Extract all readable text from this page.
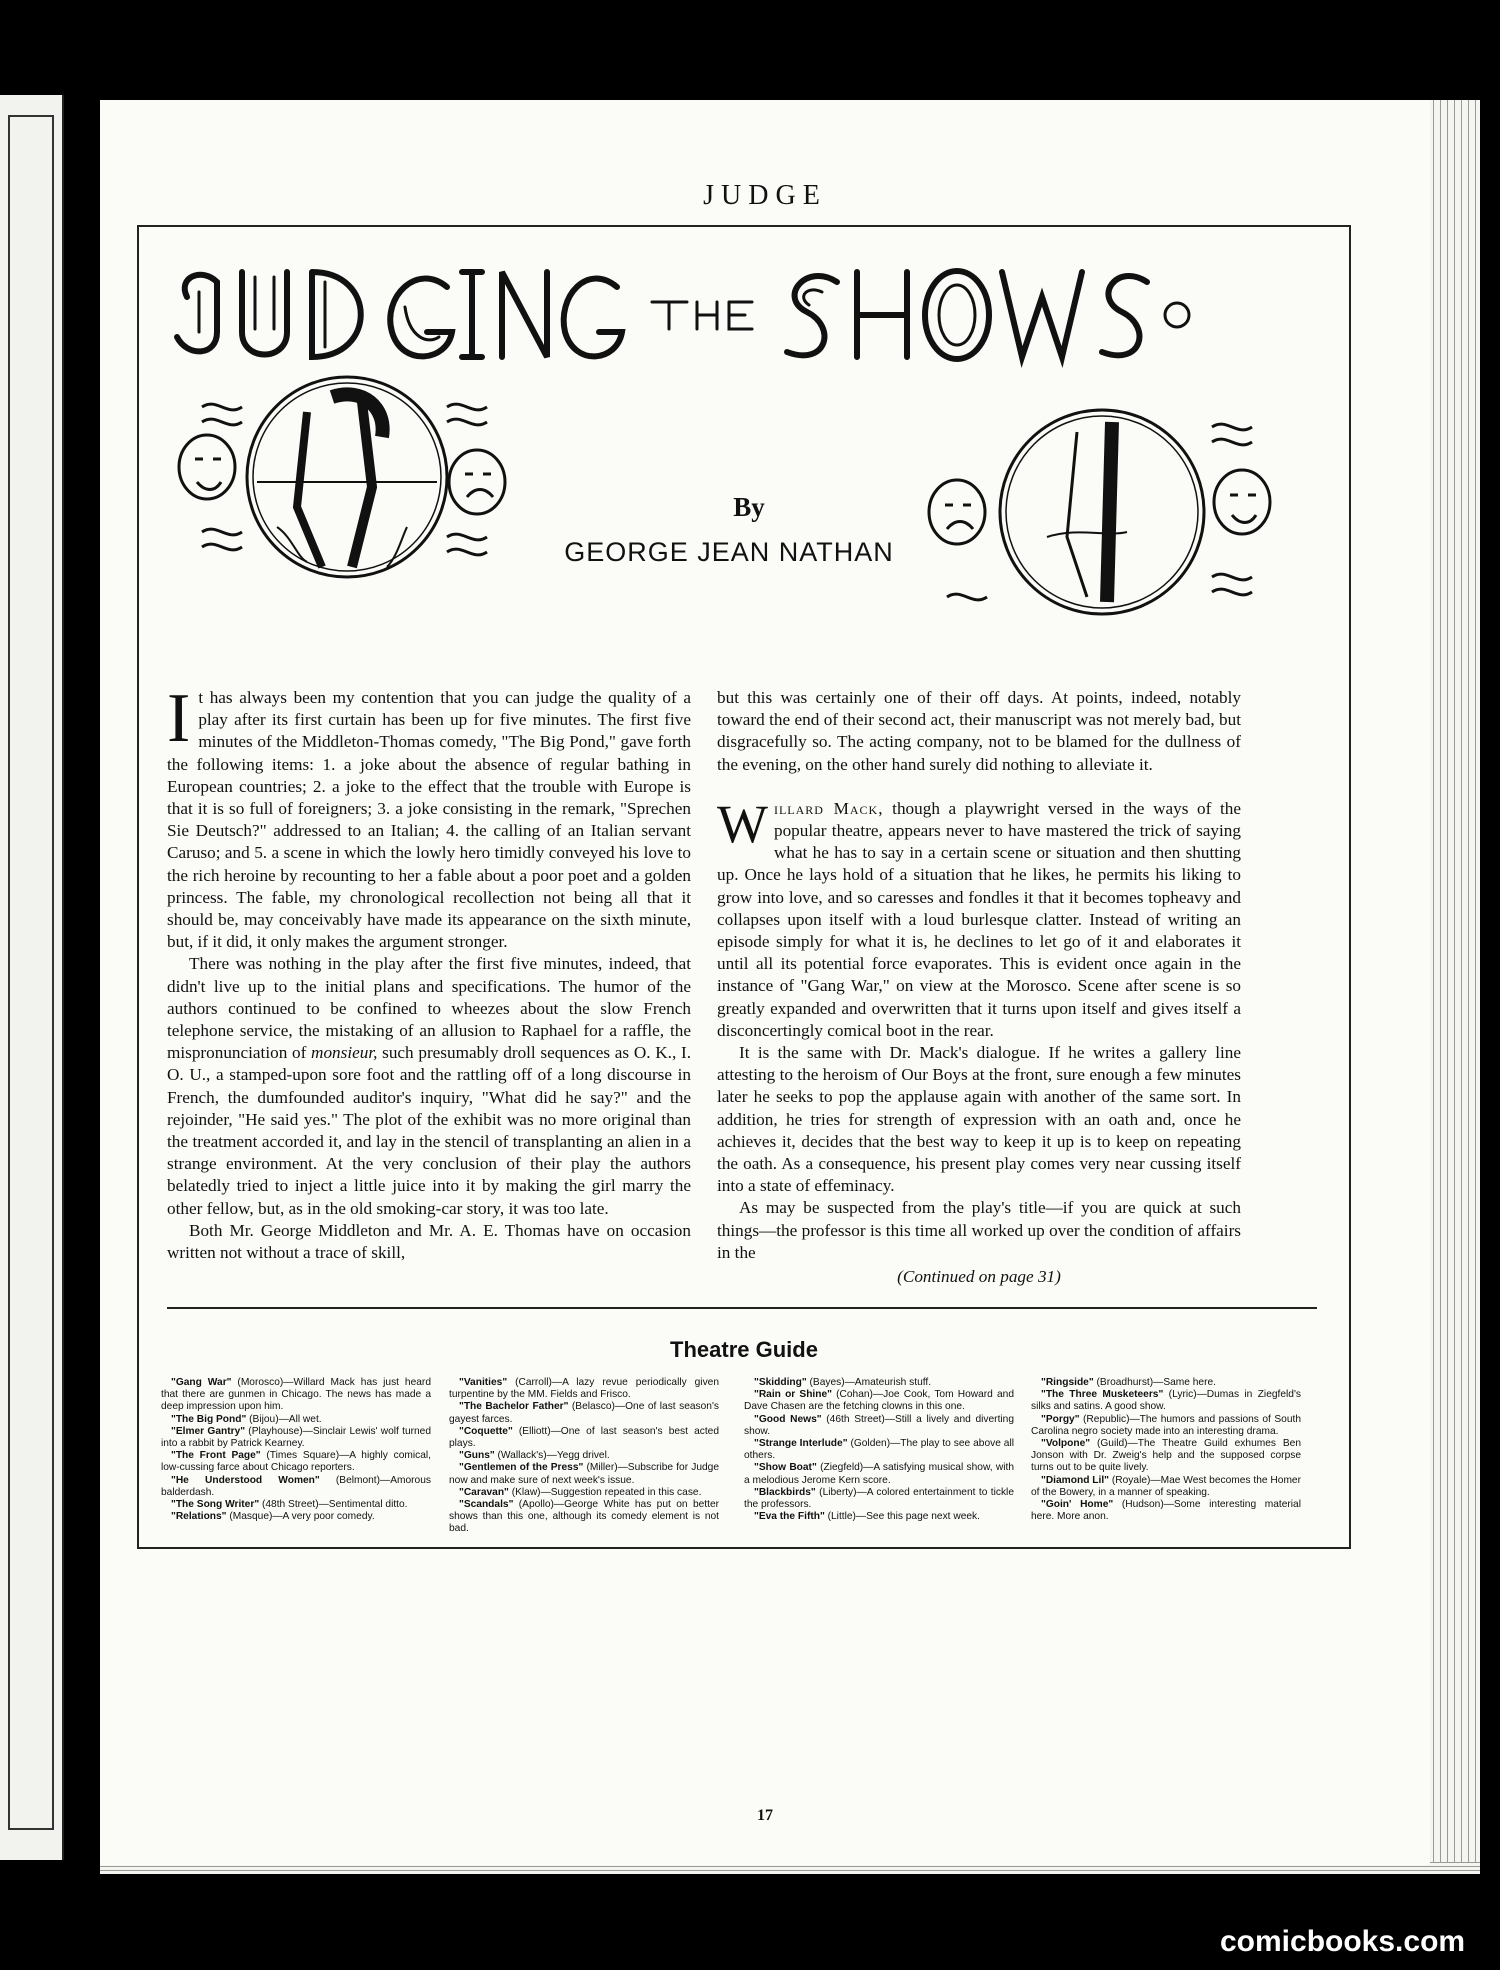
JUDGE
By
GEORGE JEAN NATHAN

It has always been my contention that you can judge the quality of a play after its first curtain has been up for five minutes. The first five minutes of the Middleton-Thomas comedy, "The Big Pond," gave forth the following items: 1. a joke about the absence of regular bathing in European countries; 2. a joke to the effect that the trouble with Europe is that it is so full of foreigners; 3. a joke consisting in the remark, "Sprechen Sie Deutsch?" addressed to an Italian; 4. the calling of an Italian servant Caruso; and 5. a scene in which the lowly hero timidly conveyed his love to the rich heroine by recounting to her a fable about a poor poet and a golden princess. The fable, my chronological recollection not being all that it should be, may conceivably have made its appearance on the sixth minute, but, if it did, it only makes the argument stronger.

There was nothing in the play after the first five minutes, indeed, that didn't live up to the initial plans and specifications. The humor of the authors continued to be confined to wheezes about the slow French telephone service, the mistaking of an allusion to Raphael for a raffle, the mispronunciation of monsieur, such presumably droll sequences as O. K., I. O. U., a stamped-upon sore foot and the rattling off of a long discourse in French, the dumfounded auditor's inquiry, "What did he say?" and the rejoinder, "He said yes." The plot of the exhibit was no more original than the treatment accorded it, and lay in the stencil of transplanting an alien in a strange environment. At the very conclusion of their play the authors belatedly tried to inject a little juice into it by making the girl marry the other fellow, but, as in the old smoking-car story, it was too late.

Both Mr. George Middleton and Mr. A. E. Thomas have on occasion written not without a trace of skill,

but this was certainly one of their off days. At points, indeed, notably toward the end of their second act, their manuscript was not merely bad, but disgracefully so. The acting company, not to be blamed for the dullness of the evening, on the other hand surely did nothing to alleviate it.

Willard Mack, though a playwright versed in the ways of the popular theatre, appears never to have mastered the trick of saying what he has to say in a certain scene or situation and then shutting up. Once he lays hold of a situation that he likes, he permits his liking to grow into love, and so caresses and fondles it that it becomes topheavy and collapses upon itself with a loud burlesque clatter. Instead of writing an episode simply for what it is, he declines to let go of it and elaborates it until all its potential force evaporates. This is evident once again in the instance of "Gang War," on view at the Morosco. Scene after scene is so greatly expanded and overwritten that it turns upon itself and gives itself a disconcertingly comical boot in the rear.

It is the same with Dr. Mack's dialogue. If he writes a gallery line attesting to the heroism of Our Boys at the front, sure enough a few minutes later he seeks to pop the applause again with another of the same sort. In addition, he tries for strength of expression with an oath and, once he achieves it, decides that the best way to keep it up is to keep on repeating the oath. As a consequence, his present play comes very near cussing itself into a state of effeminacy.

As may be suspected from the play's title—if you are quick at such things—the professor is this time all worked up over the condition of affairs in the

(Continued on page 31)
Theatre Guide

"Gang War" (Morosco)—Willard Mack has just heard that there are gunmen in Chicago. The news has made a deep impression upon him.

"The Big Pond" (Bijou)—All wet.

"Elmer Gantry" (Playhouse)—Sinclair Lewis' wolf turned into a rabbit by Patrick Kearney.

"The Front Page" (Times Square)—A highly comical, low-cussing farce about Chicago reporters.

"He Understood Women" (Belmont)—Amorous balderdash.

"The Song Writer" (48th Street)—Sentimental ditto.

"Relations" (Masque)—A very poor comedy.

"Vanities" (Carroll)—A lazy revue periodically given turpentine by the MM. Fields and Frisco.

"The Bachelor Father" (Belasco)—One of last season's gayest farces.

"Coquette" (Elliott)—One of last season's best acted plays.

"Guns" (Wallack's)—Yegg drivel.

"Gentlemen of the Press" (Miller)—Subscribe for Judge now and make sure of next week's issue.

"Caravan" (Klaw)—Suggestion repeated in this case.

"Scandals" (Apollo)—George White has put on better shows than this one, although its comedy element is not bad.

"Skidding" (Bayes)—Amateurish stuff.

"Rain or Shine" (Cohan)—Joe Cook, Tom Howard and Dave Chasen are the fetching clowns in this one.

"Good News" (46th Street)—Still a lively and diverting show.

"Strange Interlude" (Golden)—The play to see above all others.

"Show Boat" (Ziegfeld)—A satisfying musical show, with a melodious Jerome Kern score.

"Blackbirds" (Liberty)—A colored entertainment to tickle the professors.

"Eva the Fifth" (Little)—See this page next week.

"Ringside" (Broadhurst)—Same here.

"The Three Musketeers" (Lyric)—Dumas in Ziegfeld's silks and satins. A good show.

"Porgy" (Republic)—The humors and passions of South Carolina negro society made into an interesting drama.

"Volpone" (Guild)—The Theatre Guild exhumes Ben Jonson with Dr. Zweig's help and the supposed corpse turns out to be quite lively.

"Diamond Lil" (Royale)—Mae West becomes the Homer of the Bowery, in a manner of speaking.

"Goin' Home" (Hudson)—Some interesting material here. More anon.

17
comicbooks.com
